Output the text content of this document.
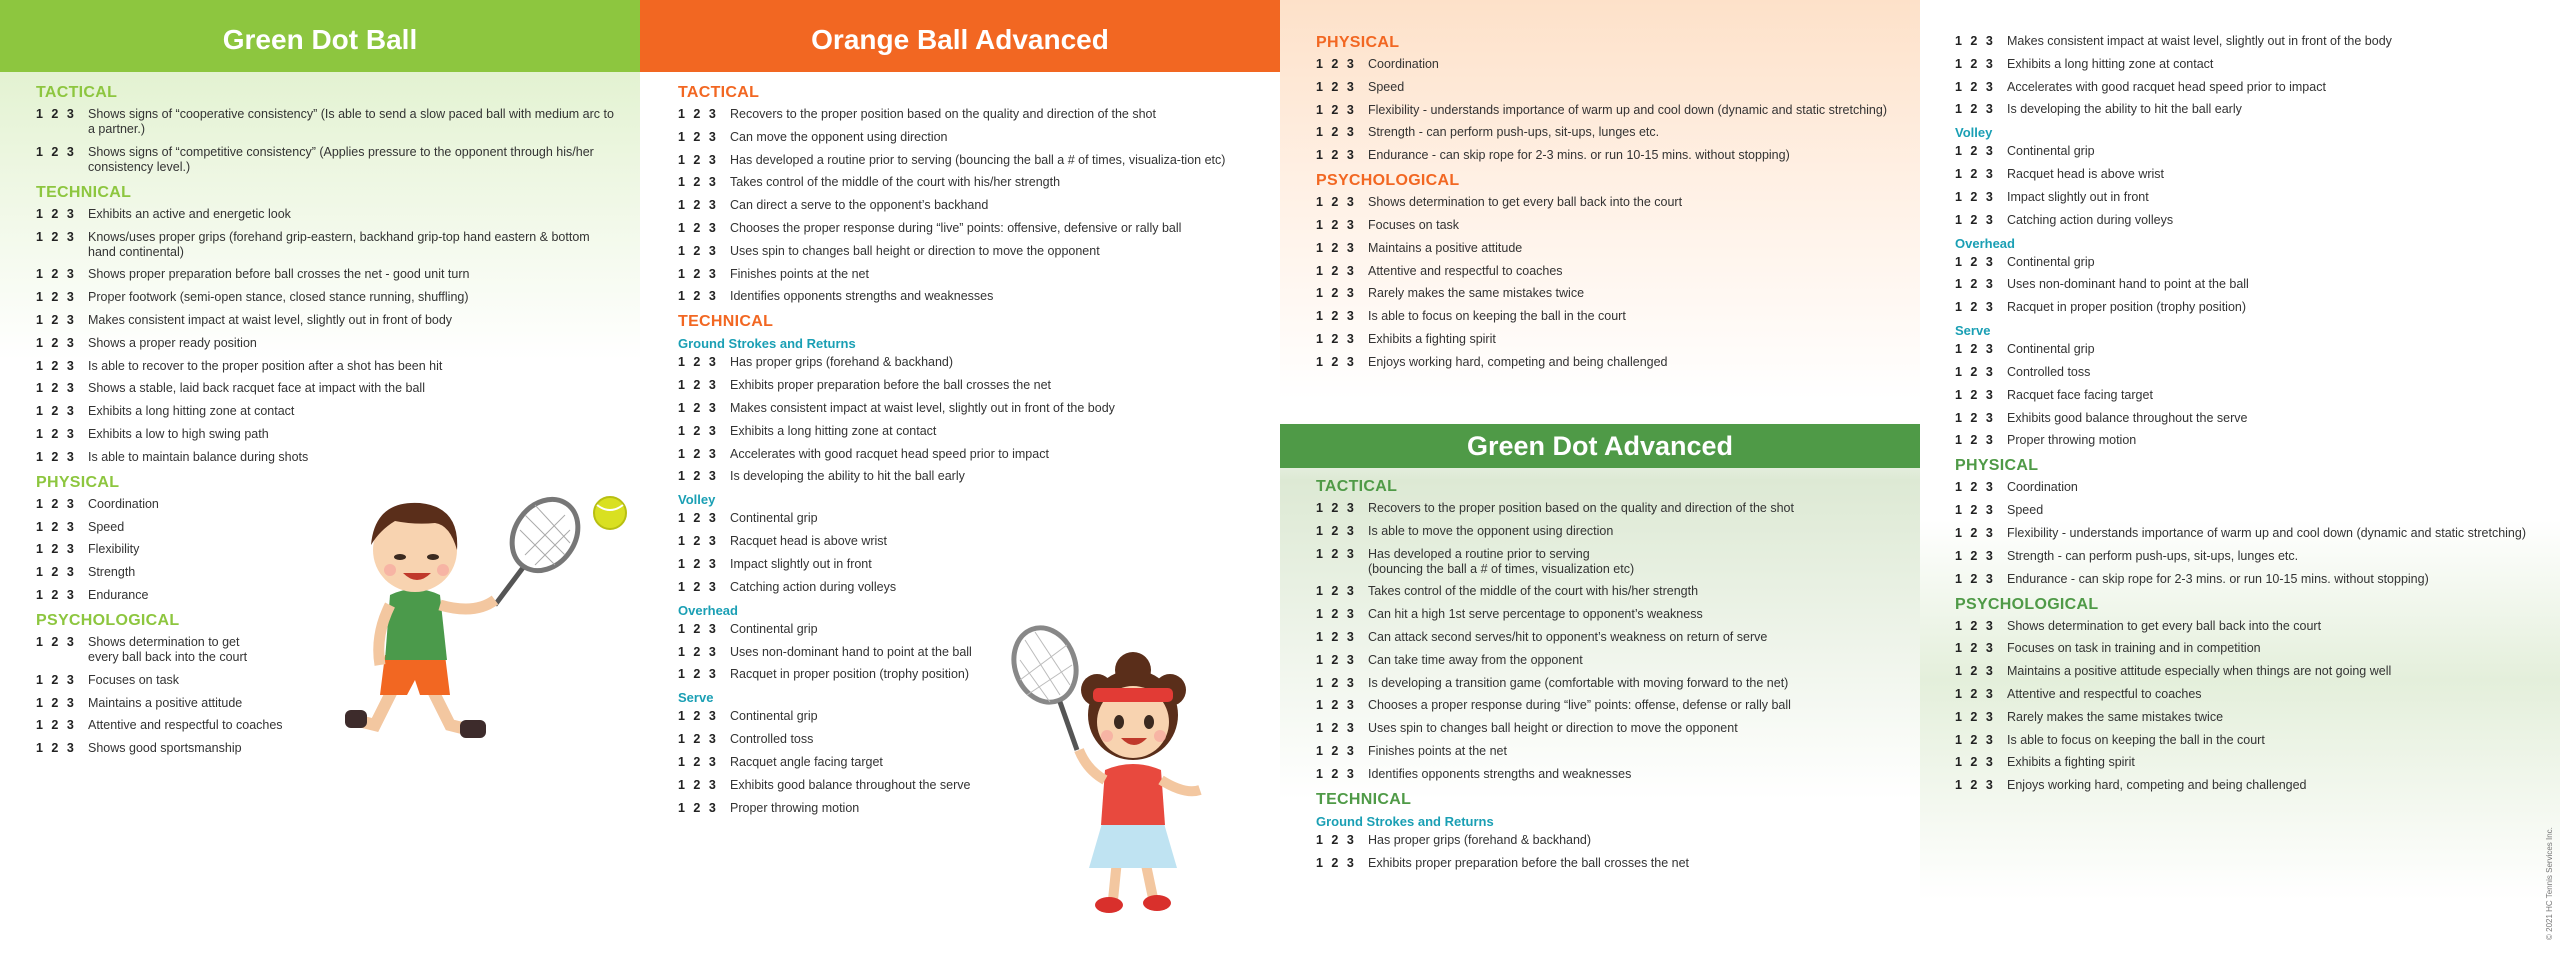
Green Dot Ball
TACTICAL
1 2 3	Shows signs of “cooperative consistency” (Is able to send a slow paced ball with medium arc to a partner.)
1 2 3	Shows signs of “competitive consistency” (Applies pressure to the opponent through his/her consistency level.)
TECHNICAL
1 2 3	Exhibits an active and energetic look
1 2 3	Knows/uses proper grips (forehand grip-eastern, backhand grip-top hand eastern & bottom hand continental)
1 2 3	Shows proper preparation before ball crosses the net - good unit turn
1 2 3	Proper footwork (semi-open stance, closed stance running, shuffling)
1 2 3	Makes consistent impact at waist level, slightly out in front of body
1 2 3	Shows a proper ready position
1 2 3	Is able to recover to the proper position after a shot has been hit
1 2 3	Shows a stable, laid back racquet face at impact with the ball
1 2 3	Exhibits a long hitting zone at contact
1 2 3	Exhibits a low to high swing path
1 2 3	Is able to maintain balance during shots
PHYSICAL
1 2 3	Coordination
1 2 3	Speed
1 2 3	Flexibility
1 2 3	Strength
1 2 3	Endurance
PSYCHOLOGICAL
1 2 3	Shows determination to get
every ball back into the court
1 2 3	Focuses on task
1 2 3	Maintains a positive attitude
1 2 3	Attentive and respectful to coaches
1 2 3	Shows good sportsmanship
Orange Ball Advanced
TACTICAL
1 2 3	Recovers to the proper position based on the quality and direction of the shot
1 2 3	Can move the opponent using direction
1 2 3	Has developed a routine prior to serving (bouncing the ball a # of times, visualiza-tion etc)
1 2 3	Takes control of the middle of the court with his/her strength
1 2 3	Can direct a serve to the opponent’s backhand
1 2 3	Chooses the proper response during “live” points: offensive, defensive or rally ball
1 2 3	Uses spin to changes ball height or direction to move the opponent
1 2 3	Finishes points at the net
1 2 3	Identifies opponents strengths and weaknesses
TECHNICAL
Ground Strokes and Returns
1 2 3	Has proper grips (forehand & backhand)
1 2 3	Exhibits proper preparation before the ball crosses the net
1 2 3	Makes consistent impact at waist level, slightly out in front of the body
1 2 3	Exhibits a long hitting zone at contact
1 2 3	Accelerates with good racquet head speed prior to impact
1 2 3	Is developing the ability to hit the ball early
Volley
1 2 3	Continental grip
1 2 3	Racquet head is above wrist
1 2 3	Impact slightly out in front
1 2 3	Catching action during volleys
Overhead
1 2 3	Continental grip
1 2 3	Uses non-dominant hand to point at the ball
1 2 3	Racquet in proper position (trophy position)
Serve
1 2 3	Continental grip
1 2 3	Controlled toss
1 2 3	Racquet angle facing target
1 2 3	Exhibits good balance throughout the serve
1 2 3	Proper throwing motion
PHYSICAL
1 2 3	Coordination
1 2 3	Speed
1 2 3	Flexibility - understands importance of warm up and cool down (dynamic and static stretching)
1 2 3	Strength - can perform push-ups, sit-ups, lunges etc.
1 2 3	Endurance - can skip rope for 2-3 mins. or run 10-15 mins. without stopping)
PSYCHOLOGICAL
1 2 3	Shows determination to get every ball back into the court
1 2 3	Focuses on task
1 2 3	Maintains a positive attitude
1 2 3	Attentive and respectful to coaches
1 2 3	Rarely makes the same mistakes twice
1 2 3	Is able to focus on keeping the ball in the court
1 2 3	Exhibits a fighting spirit
1 2 3	Enjoys working hard, competing and being challenged
Green Dot Advanced
TACTICAL
1 2 3	Recovers to the proper position based on the quality and direction of the shot
1 2 3	Is able to move the opponent using direction
1 2 3	Has developed a routine prior to serving
(bouncing the ball a # of times, visualization etc)
1 2 3	Takes control of the middle of the court with his/her strength
1 2 3	Can hit a high 1st serve percentage to opponent’s weakness
1 2 3	Can attack second serves/hit to opponent’s weakness on return of serve
1 2 3	Can take time away from the opponent
1 2 3	Is developing a transition game (comfortable with moving forward to the net)
1 2 3	Chooses a proper response during “live” points: offense, defense or rally ball
1 2 3	Uses spin to changes ball height or direction to move the opponent
1 2 3	Finishes points at the net
1 2 3	Identifies opponents strengths and weaknesses
TECHNICAL
Ground Strokes and Returns
1 2 3	Has proper grips (forehand & backhand)
1 2 3	Exhibits proper preparation before the ball crosses the net
1 2 3	Makes consistent impact at waist level, slightly out in front of the body
1 2 3	Exhibits a long hitting zone at contact
1 2 3	Accelerates with good racquet head speed prior to impact
1 2 3	Is developing the ability to hit the ball early
Volley
1 2 3	Continental grip
1 2 3	Racquet head is above wrist
1 2 3	Impact slightly out in front
1 2 3	Catching action during volleys
Overhead
1 2 3	Continental grip
1 2 3	Uses non-dominant hand to point at the ball
1 2 3	Racquet in proper position (trophy position)
Serve
1 2 3	Continental grip
1 2 3	Controlled toss
1 2 3	Racquet face facing target
1 2 3	Exhibits good balance throughout the serve
1 2 3	Proper throwing motion
PHYSICAL
1 2 3	Coordination
1 2 3	Speed
1 2 3	Flexibility - understands importance of warm up and cool down (dynamic and static stretching)
1 2 3	Strength - can perform push-ups, sit-ups, lunges etc.
1 2 3	Endurance - can skip rope for 2-3 mins. or run 10-15 mins. without stopping)
PSYCHOLOGICAL
1 2 3	Shows determination to get every ball back into the court
1 2 3	Focuses on task in training and in competition
1 2 3	Maintains a positive attitude especially when things are not going well
1 2 3	Attentive and respectful to coaches
1 2 3	Rarely makes the same mistakes twice
1 2 3	Is able to focus on keeping the ball in the court
1 2 3	Exhibits a fighting spirit
1 2 3	Enjoys working hard, competing and being challenged
© 2021 HC Tennis Services Inc.
